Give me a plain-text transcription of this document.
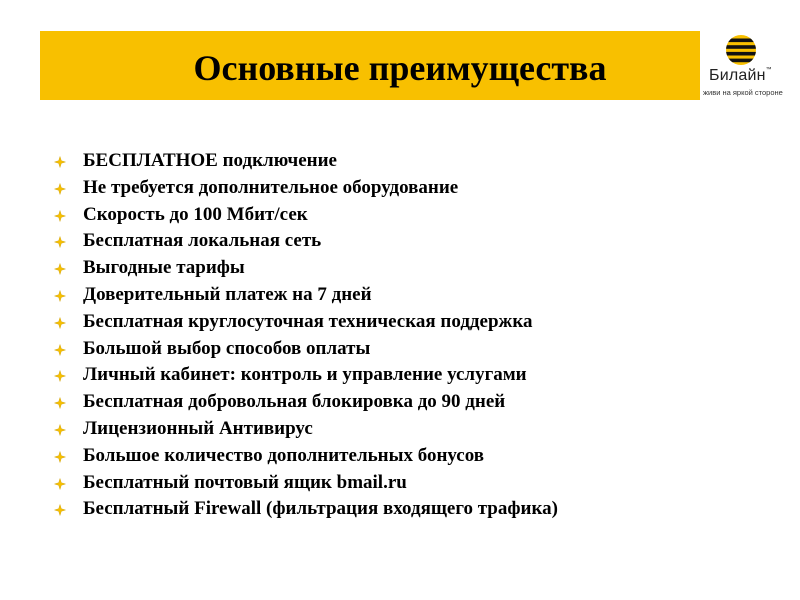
Основные преимущества	Билайн™
живи на яркой стороне
БЕСПЛАТНОЕ подключение
Не требуется дополнительное оборудование
Скорость до 100 Мбит/сек
Бесплатная локальная сеть
Выгодные тарифы
Доверительный платеж на 7 дней
Бесплатная круглосуточная техническая поддержка
Большой выбор способов оплаты
Личный кабинет: контроль и управление услугами
Бесплатная добровольная блокировка до 90 дней
Лицензионный Антивирус
Большое количество дополнительных бонусов
Бесплатный почтовый ящик bmail.ru
Бесплатный Firewall (фильтрация входящего трафика)
